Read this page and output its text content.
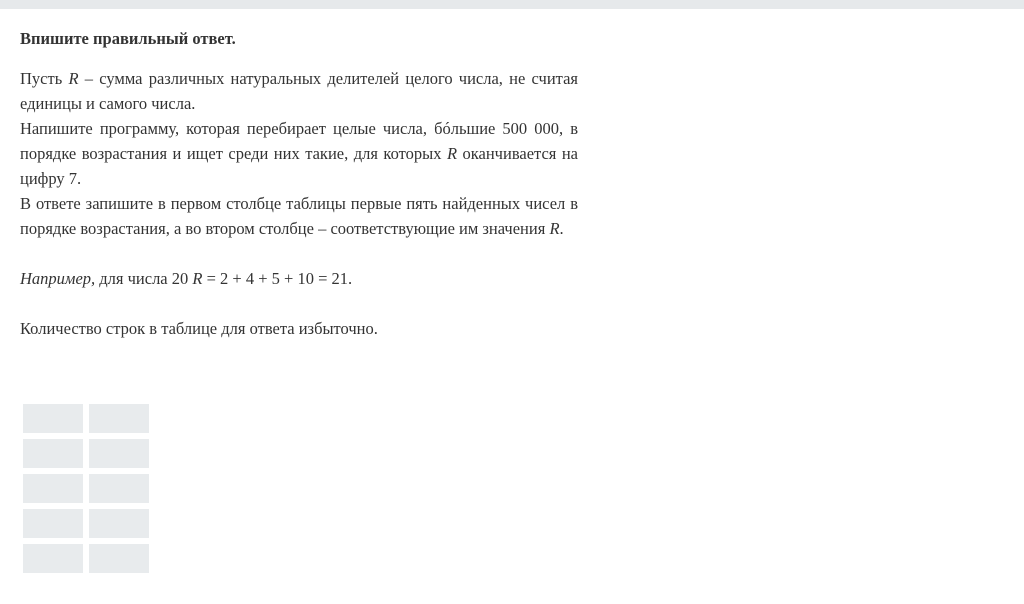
Впишите правильный ответ.

Пусть R – сумма различных натуральных делителей целого числа, не считая единицы и самого числа.

Напишите программу, которая перебирает целые числа, бóльшие 500 000, в порядке возрастания и ищет среди них такие, для которых R оканчивается на цифру 7.

В ответе запишите в первом столбце таблицы первые пять найденных чисел в порядке возрастания, а во втором столбце – соответствующие им значения R.

Например, для числа 20 R = 2 + 4 + 5 + 10 = 21.

Количество строк в таблице для ответа избыточно.
